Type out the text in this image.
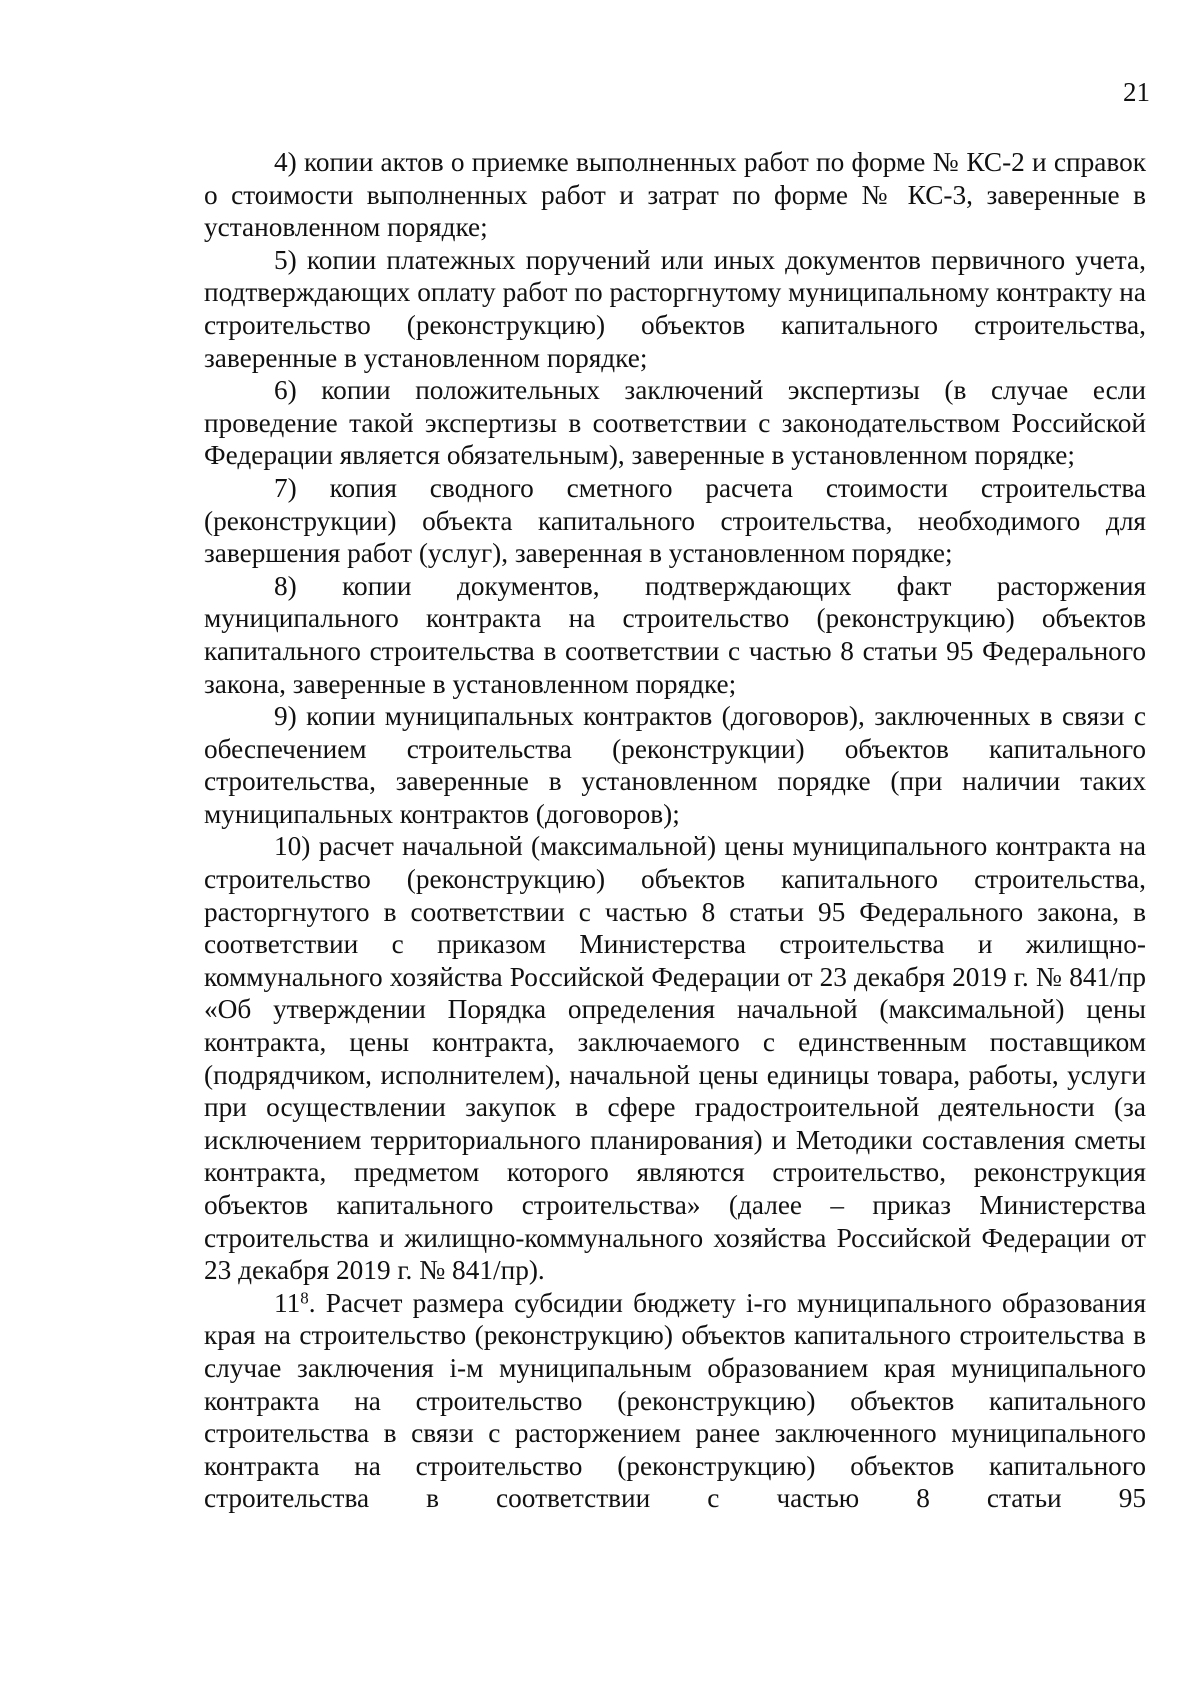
21

4) копии актов о приемке выполненных работ по форме № КС-2 и справок о стоимости выполненных работ и затрат по форме № КС-3, заверенные в установленном порядке;

5) копии платежных поручений или иных документов первичного учета, подтверждающих оплату работ по расторгнутому муниципальному контракту на строительство (реконструкцию) объектов капитального строительства, заверенные в установленном порядке;

6) копии положительных заключений экспертизы (в случае если проведение такой экспертизы в соответствии с законодательством Российской Федерации является обязательным), заверенные в установленном порядке;

7) копия сводного сметного расчета стоимости строительства (реконструкции) объекта капитального строительства, необходимого для завершения работ (услуг), заверенная в установленном порядке;

8) копии документов, подтверждающих факт расторжения муниципального контракта на строительство (реконструкцию) объектов капитального строительства в соответствии с частью 8 статьи 95 Федерального закона, заверенные в установленном порядке;

9) копии муниципальных контрактов (договоров), заключенных в связи с обеспечением строительства (реконструкции) объектов капитального строительства, заверенные в установленном порядке (при наличии таких муниципальных контрактов (договоров);

10) расчет начальной (максимальной) цены муниципального контракта на строительство (реконструкцию) объектов капитального строительства, расторгнутого в соответствии с частью 8 статьи 95 Федерального закона, в соответствии с приказом Министерства строительства и жилищно-коммунального хозяйства Российской Федерации от 23 декабря 2019 г. № 841/пр «Об утверждении Порядка определения начальной (максимальной) цены контракта, цены контракта, заключаемого с единственным поставщиком (подрядчиком, исполнителем), начальной цены единицы товара, работы, услуги при осуществлении закупок в сфере градостроительной деятельности (за исключением территориального планирования) и Методики составления сметы контракта, предметом которого являются строительство, реконструкция объектов капитального строительства» (далее – приказ Министерства строительства и жилищно-коммунального хозяйства Российской Федерации от 23 декабря 2019 г. № 841/пр).

$11^8$. Расчет размера субсидии бюджету i-го муниципального образования края на строительство (реконструкцию) объектов капитального строительства в случае заключения i-м муниципальным образованием края муниципального контракта на строительство (реконструкцию) объектов капитального строительства в связи с расторжением ранее заключенного муниципального контракта на строительство (реконструкцию) объектов капитального строительства в соответствии с частью 8 статьи 95
